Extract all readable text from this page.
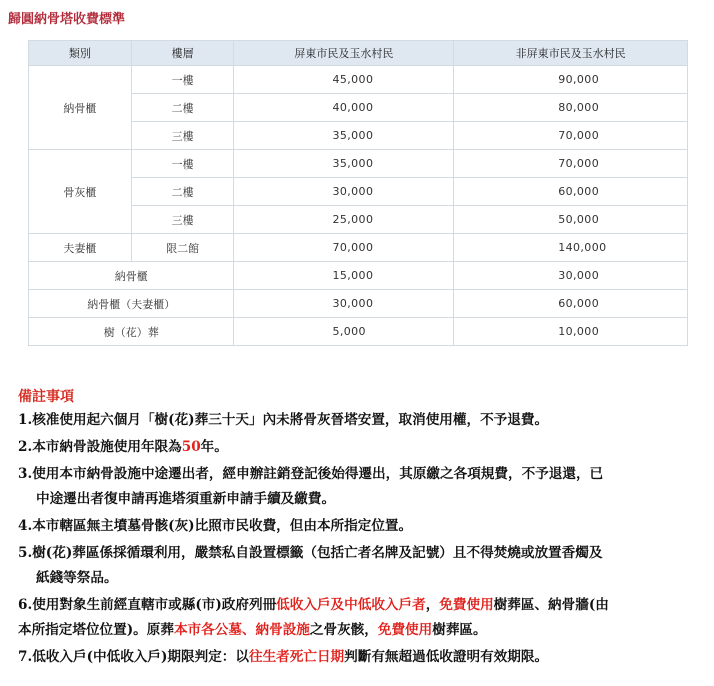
歸圓納骨塔收費標準
類別	樓層	屏東市民及玉水村民	非屏東市民及玉水村民
納骨櫃	一樓	45,000	90,000
	二樓	40,000	80,000
	三樓	35,000	70,000
骨灰櫃	一樓	35,000	70,000
	二樓	30,000	60,000
	三樓	25,000	50,000
夫妻櫃	限二館	70,000	140,000
納骨櫃		15,000	30,000
納骨櫃（夫妻櫃）		30,000	60,000
樹（花）葬		5,000	10,000
備註事項
1.核准使用起六個月「樹(花)葬三十天」內未將骨灰晉塔安置，取消使用權，不予退費。
2.本市納骨設施使用年限為50年。
3.使用本市納骨設施中途遷出者，經申辦註銷登記後始得遷出，其原繳之各項規費，不予退還，已
中途遷出者復申請再進塔須重新申請手續及繳費。
4.本市轄區無主墳墓骨骸(灰)比照市民收費，但由本所指定位置。
5.樹(花)葬區係採循環利用，嚴禁私自設置標籤（包括亡者名牌及記號）且不得焚燒或放置香燭及
紙錢等祭品。
6.使用對象生前經直轄市或縣(市)政府列冊低收入戶及中低收入戶者，免費使用樹葬區、納骨牆(由
本所指定塔位位置)。原葬本市各公墓、納骨設施之骨灰骸，免費使用樹葬區。
7.低收入戶(中低收入戶)期限判定：以往生者死亡日期判斷有無超過低收證明有效期限。
